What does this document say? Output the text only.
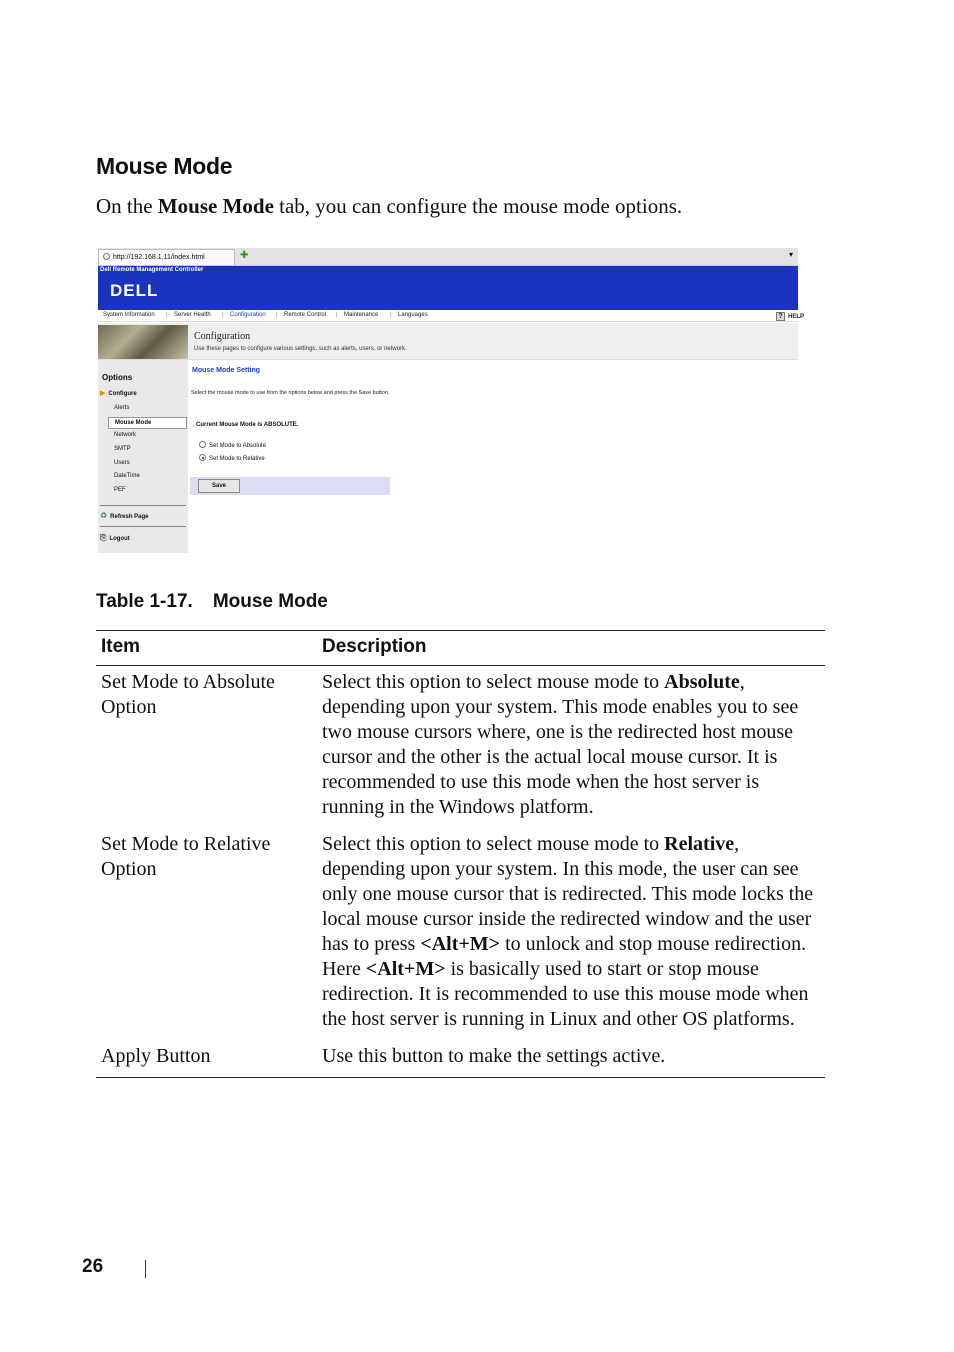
Mouse Mode
On the Mouse Mode tab, you can configure the mouse mode options.
http://192.168.1.11/index.html	✚	▾
Dell Remote Management Controller
DELL
System Information | Server Health | Configuration | Remote Control | Maintenance | Languages	? HELP
Configuration
Use these pages to configure various settings, such as alerts, users, or network.
Options
▶ Configure
Alerts
Mouse Mode
Network
SMTP
Users
DateTime
PEF
♻ Refresh Page
⎘ Logout
Mouse Mode Setting
Select the mouse mode to use from the options below and press the Save button.
Current Mouse Mode is ABSOLUTE.
Set Mode to Absolute
Set Mode to Relative
Save
Table 1-17. Mouse Mode
Item	Description
Set Mode to Absolute Option	Select this option to select mouse mode to Absolute, depending upon your system. This mode enables you to see two mouse cursors where, one is the redirected host mouse cursor and the other is the actual local mouse cursor. It is recommended to use this mode when the host server is running in the Windows platform.
Set Mode to Relative Option	Select this option to select mouse mode to Relative, depending upon your system. In this mode, the user can see only one mouse cursor that is redirected. This mode locks the local mouse cursor inside the redirected window and the user has to press <Alt+M> to unlock and stop mouse redirection. Here <Alt+M> is basically used to start or stop mouse redirection. It is recommended to use this mouse mode when the host server is running in Linux and other OS platforms.
Apply Button	Use this button to make the settings active.
26
